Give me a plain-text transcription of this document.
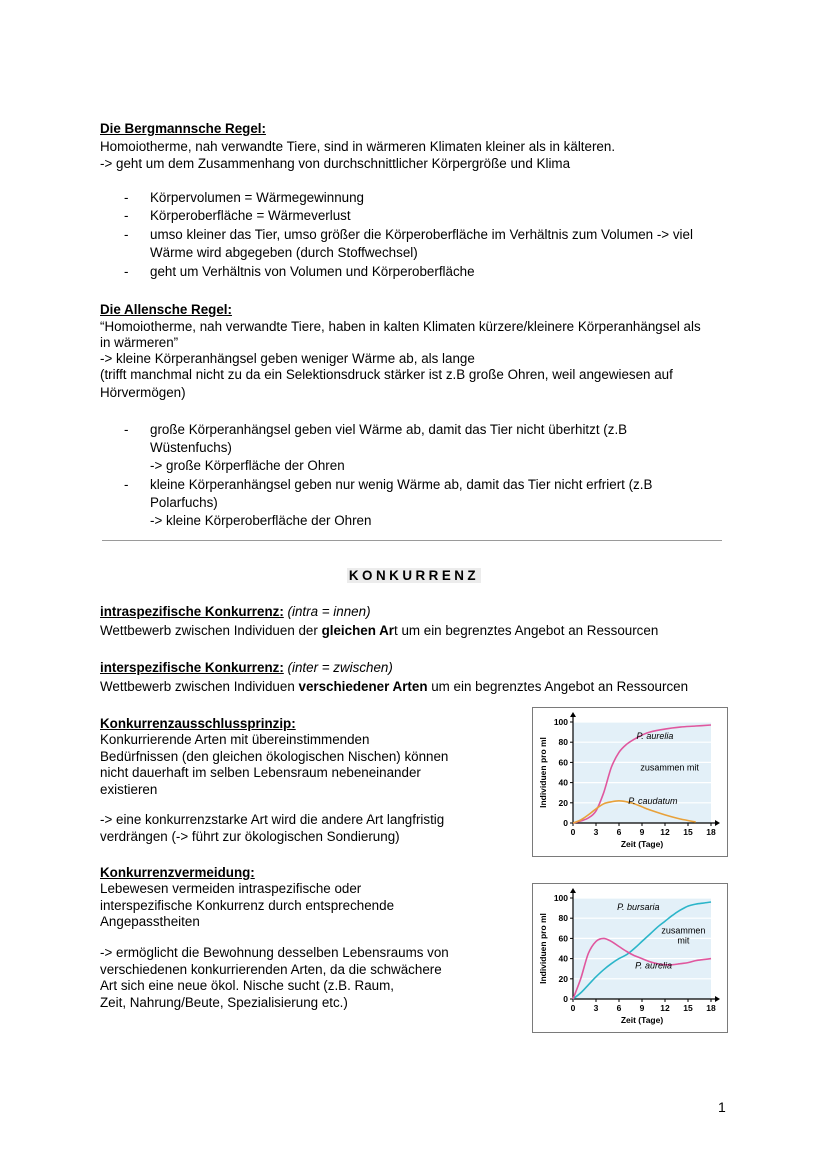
Die Bergmannsche Regel:
Homoiotherme, nah verwandte Tiere, sind in wärmeren Klimaten kleiner als in kälteren.
-> geht um dem Zusammenhang von durchschnittlicher Körpergröße und Klima
- Körpervolumen = Wärmegewinnung
- Körperoberfläche = Wärmeverlust
- umso kleiner das Tier, umso größer die Körperoberfläche im Verhältnis zum Volumen -> viel
Wärme wird abgegeben (durch Stoffwechsel)
- geht um Verhältnis von Volumen und Körperoberfläche
Die Allensche Regel:
“Homoiotherme, nah verwandte Tiere, haben in kalten Klimaten kürzere/kleinere Körperanhängsel als
in wärmeren”
-> kleine Körperanhängsel geben weniger Wärme ab, als lange
(trifft manchmal nicht zu da ein Selektionsdruck stärker ist z.B große Ohren, weil angewiesen auf
Hörvermögen)
- große Körperanhängsel geben viel Wärme ab, damit das Tier nicht überhitzt (z.B
Wüstenfuchs)
-> große Körperfläche der Ohren
- kleine Körperanhängsel geben nur wenig Wärme ab, damit das Tier nicht erfriert (z.B
Polarfuchs)
-> kleine Körperoberfläche der Ohren
KONKURRENZ
intraspezifische Konkurrenz: (intra = innen)
Wettbewerb zwischen Individuen der gleichen Art um ein begrenztes Angebot an Ressourcen
interspezifische Konkurrenz: (inter = zwischen)
Wettbewerb zwischen Individuen verschiedener Arten um ein begrenztes Angebot an Ressourcen
Konkurrenzausschlussprinzip:
Konkurrierende Arten mit übereinstimmenden
Bedürfnissen (den gleichen ökologischen Nischen) können
nicht dauerhaft im selben Lebensraum nebeneinander
existieren
-> eine konkurrenzstarke Art wird die andere Art langfristig
verdrängen (-> führt zur ökologischen Sondierung)
Konkurrenzvermeidung:
Lebewesen vermeiden intraspezifische oder
interspezifische Konkurrenz durch entsprechende
Angepasstheiten
-> ermöglicht die Bewohnung desselben Lebensraums von
verschiedenen konkurrierenden Arten, da die schwächere
Art sich eine neue ökol. Nische sucht (z.B. Raum,
Zeit, Nahrung/Beute, Spezialisierung etc.)
0
20
40
60
80
100
0 3 6 9 12 15 18
Individuen pro ml
Zeit (Tage)
P. aurelia
P. caudatum
zusammen mit
0
20
40
60
80
100
0 3 6 9 12 15 18
Individuen pro ml
Zeit (Tage)
P. bursaria
P. aurelia
zusammen
mit
1
